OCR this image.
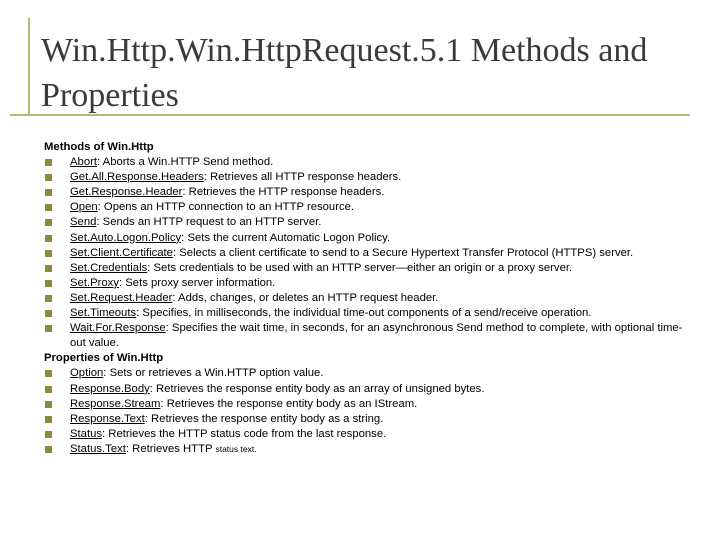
Win.Http.Win.HttpRequest.5.1 Methods and Properties

Methods of Win.Http

Abort: Aborts a Win.HTTP Send method.
Get.All.Response.Headers: Retrieves all HTTP response headers.
Get.Response.Header: Retrieves the HTTP response headers.
Open: Opens an HTTP connection to an HTTP resource.
Send: Sends an HTTP request to an HTTP server.
Set.Auto.Logon.Policy: Sets the current Automatic Logon Policy.
Set.Client.Certificate: Selects a client certificate to send to a Secure Hypertext Transfer Protocol (HTTPS) server.
Set.Credentials: Sets credentials to be used with an HTTP server—either an origin or a proxy server.
Set.Proxy: Sets proxy server information.
Set.Request.Header: Adds, changes, or deletes an HTTP request header.
Set.Timeouts: Specifies, in milliseconds, the individual time-out components of a send/receive operation.
Wait.For.Response: Specifies the wait time, in seconds, for an asynchronous Send method to complete, with optional time-out value.

Properties of Win.Http

Option: Sets or retrieves a Win.HTTP option value.
Response.Body: Retrieves the response entity body as an array of unsigned bytes.
Response.Stream: Retrieves the response entity body as an IStream.
Response.Text: Retrieves the response entity body as a string.
Status: Retrieves the HTTP status code from the last response.
Status.Text: Retrieves HTTP status text.
